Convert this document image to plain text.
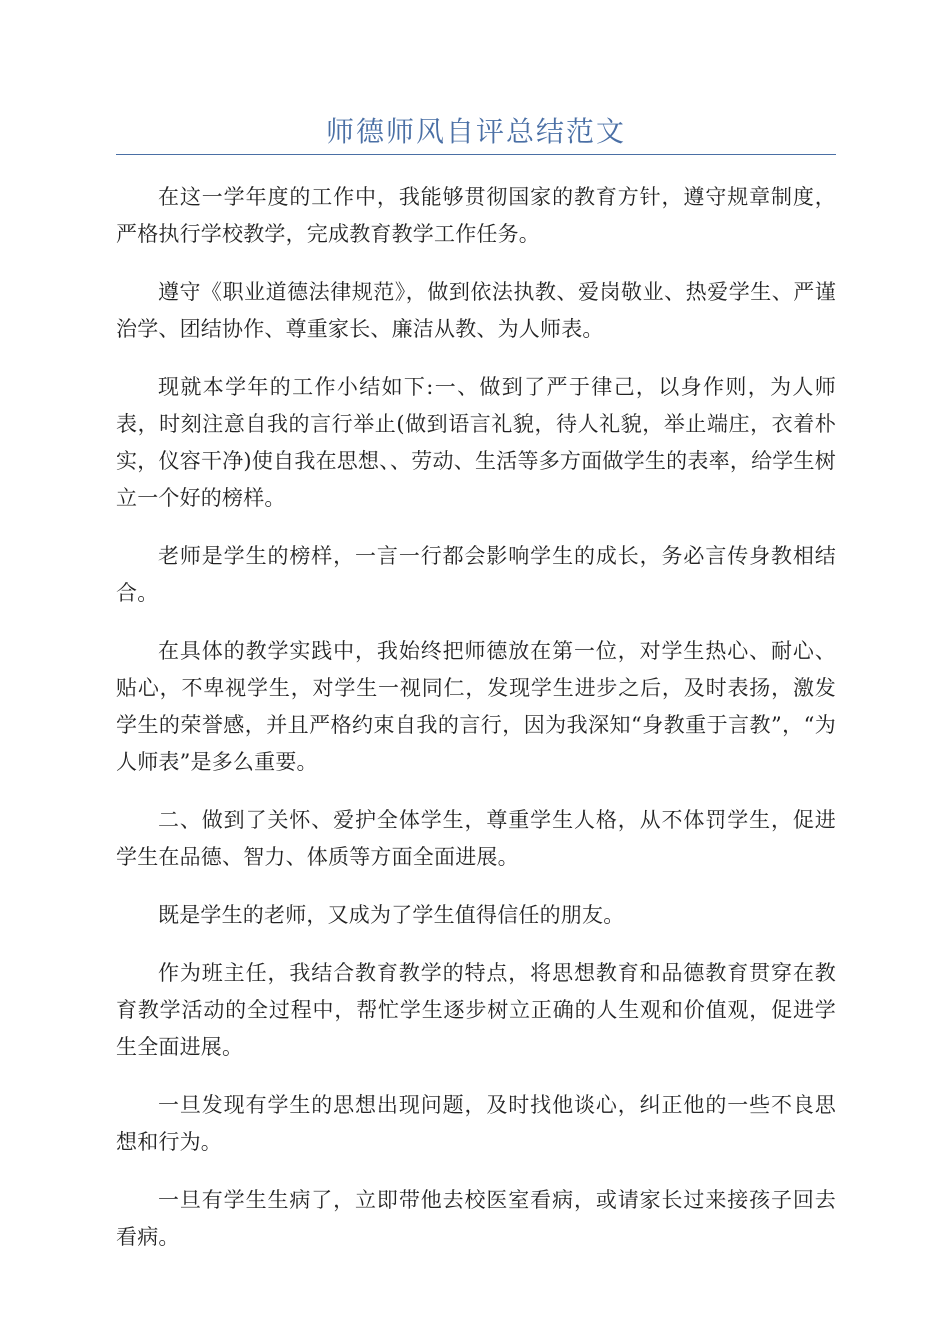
师德师风自评总结范文

在这一学年度的工作中，我能够贯彻国家的教育方针，遵守规章制度，严格执行学校教学，完成教育教学工作任务。

遵守《职业道德法律规范》，做到依法执教、爱岗敬业、热爱学生、严谨治学、团结协作、尊重家长、廉洁从教、为人师表。

现就本学年的工作小结如下:一、做到了严于律己，以身作则，为人师表，时刻注意自我的言行举止(做到语言礼貌，待人礼貌，举止端庄，衣着朴实，仪容干净)使自我在思想、、劳动、生活等多方面做学生的表率，给学生树立一个好的榜样。

老师是学生的榜样，一言一行都会影响学生的成长，务必言传身教相结合。

在具体的教学实践中，我始终把师德放在第一位，对学生热心、耐心、贴心，不卑视学生，对学生一视同仁，发现学生进步之后，及时表扬，激发学生的荣誉感，并且严格约束自我的言行，因为我深知“身教重于言教”，“为人师表”是多么重要。

二、做到了关怀、爱护全体学生，尊重学生人格，从不体罚学生，促进学生在品德、智力、体质等方面全面进展。

既是学生的老师，又成为了学生值得信任的朋友。

作为班主任，我结合教育教学的特点，将思想教育和品德教育贯穿在教育教学活动的全过程中，帮忙学生逐步树立正确的人生观和价值观，促进学生全面进展。

一旦发现有学生的思想出现问题，及时找他谈心，纠正他的一些不良思想和行为。

一旦有学生生病了，立即带他去校医室看病，或请家长过来接孩子回去看病。
